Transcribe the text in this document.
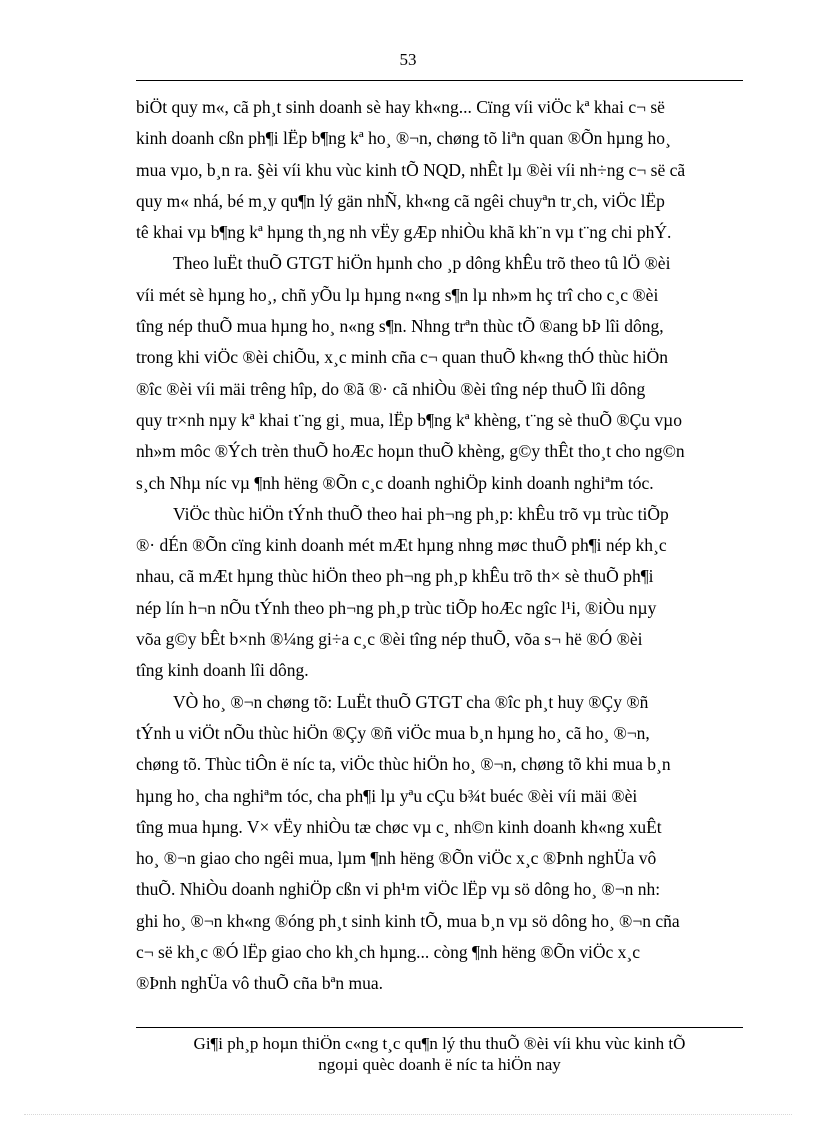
53
biÖt quy m«, cã ph¸t sinh doanh sè hay kh«ng... Cïng víi viÖc kª khai c¬ së
kinh doanh cßn ph¶i lËp b¶ng kª ho¸ ®¬n, chøng tõ liªn quan ®Õn hµng ho¸
mua vµo, b¸n ra. §èi víi khu vùc kinh tÕ NQD, nhÊt lµ ®èi víi nh÷ng c¬ së cã
quy m« nhá, bé m¸y qu¶n lý gän nhÑ, kh«ng cã ngêi chuyªn tr¸ch, viÖc lËp
tê khai vµ b¶ng kª hµng th¸ng nh vËy gÆp nhiÒu khã kh¨n vµ t¨ng chi phÝ.
Theo luËt thuÕ GTGT hiÖn hµnh cho ¸p dông khÊu trõ theo tû lÖ ®èi
víi mét sè hµng ho¸, chñ yÕu lµ hµng n«ng s¶n lµ nh»m hç trî cho c¸c ®èi
tîng nép thuÕ mua hµng ho¸ n«ng s¶n. Nhng trªn thùc tÕ ®ang bÞ lîi dông,
trong khi viÖc ®èi chiÕu, x¸c minh cña c¬ quan thuÕ kh«ng thÓ thùc hiÖn
®îc ®èi víi mäi trêng hîp, do ®ã ®· cã nhiÒu ®èi tîng nép thuÕ lîi dông
quy tr×nh nµy kª khai t¨ng gi¸ mua, lËp b¶ng kª khèng, t¨ng sè thuÕ ®Çu vµo
nh»m môc ®Ých trèn thuÕ hoÆc hoµn thuÕ khèng, g©y thÊt tho¸t cho ng©n
s¸ch Nhµ níc vµ ¶nh hëng ®Õn c¸c doanh nghiÖp kinh doanh nghiªm tóc.
ViÖc thùc hiÖn tÝnh thuÕ theo hai ph¬ng ph¸p: khÊu trõ vµ trùc tiÕp
®· dÉn ®Õn cïng kinh doanh mét mÆt hµng nhng møc thuÕ ph¶i nép kh¸c
nhau, cã mÆt hµng thùc hiÖn theo ph¬ng ph¸p khÊu trõ th× sè thuÕ ph¶i
nép lín h¬n nÕu tÝnh theo ph¬ng ph¸p trùc tiÕp hoÆc ngîc l¹i, ®iÒu nµy
võa g©y bÊt b×nh ®¼ng gi÷a c¸c ®èi tîng nép thuÕ, võa s¬ hë ®Ó ®èi
tîng kinh doanh lîi dông.
VÒ ho¸ ®¬n chøng tõ: LuËt thuÕ GTGT cha ®îc ph¸t huy ®Çy ®ñ
tÝnh u viÖt nÕu thùc hiÖn ®Çy ®ñ viÖc mua b¸n hµng ho¸ cã ho¸ ®¬n,
chøng tõ. Thùc tiÔn ë níc ta, viÖc thùc hiÖn ho¸ ®¬n, chøng tõ khi mua b¸n
hµng ho¸ cha nghiªm tóc, cha ph¶i lµ yªu cÇu b¾t buéc ®èi víi mäi ®èi
tîng mua hµng. V× vËy nhiÒu tæ chøc vµ c¸ nh©n kinh doanh kh«ng xuÊt
ho¸ ®¬n giao cho ngêi mua, lµm ¶nh hëng ®Õn viÖc x¸c ®Þnh nghÜa vô
thuÕ. NhiÒu doanh nghiÖp cßn vi ph¹m viÖc lËp vµ sö dông ho¸ ®¬n nh:
ghi ho¸ ®¬n kh«ng ®óng ph¸t sinh kinh tÕ, mua b¸n vµ sö dông ho¸ ®¬n cña
c¬ së kh¸c ®Ó lËp giao cho kh¸ch hµng... còng ¶nh hëng ®Õn viÖc x¸c
®Þnh nghÜa vô thuÕ cña bªn mua.
Gi¶i ph¸p hoµn thiÖn c«ng t¸c qu¶n lý thu thuÕ ®èi víi khu vùc kinh tÕ
ngoµi quèc doanh ë níc ta hiÖn nay
